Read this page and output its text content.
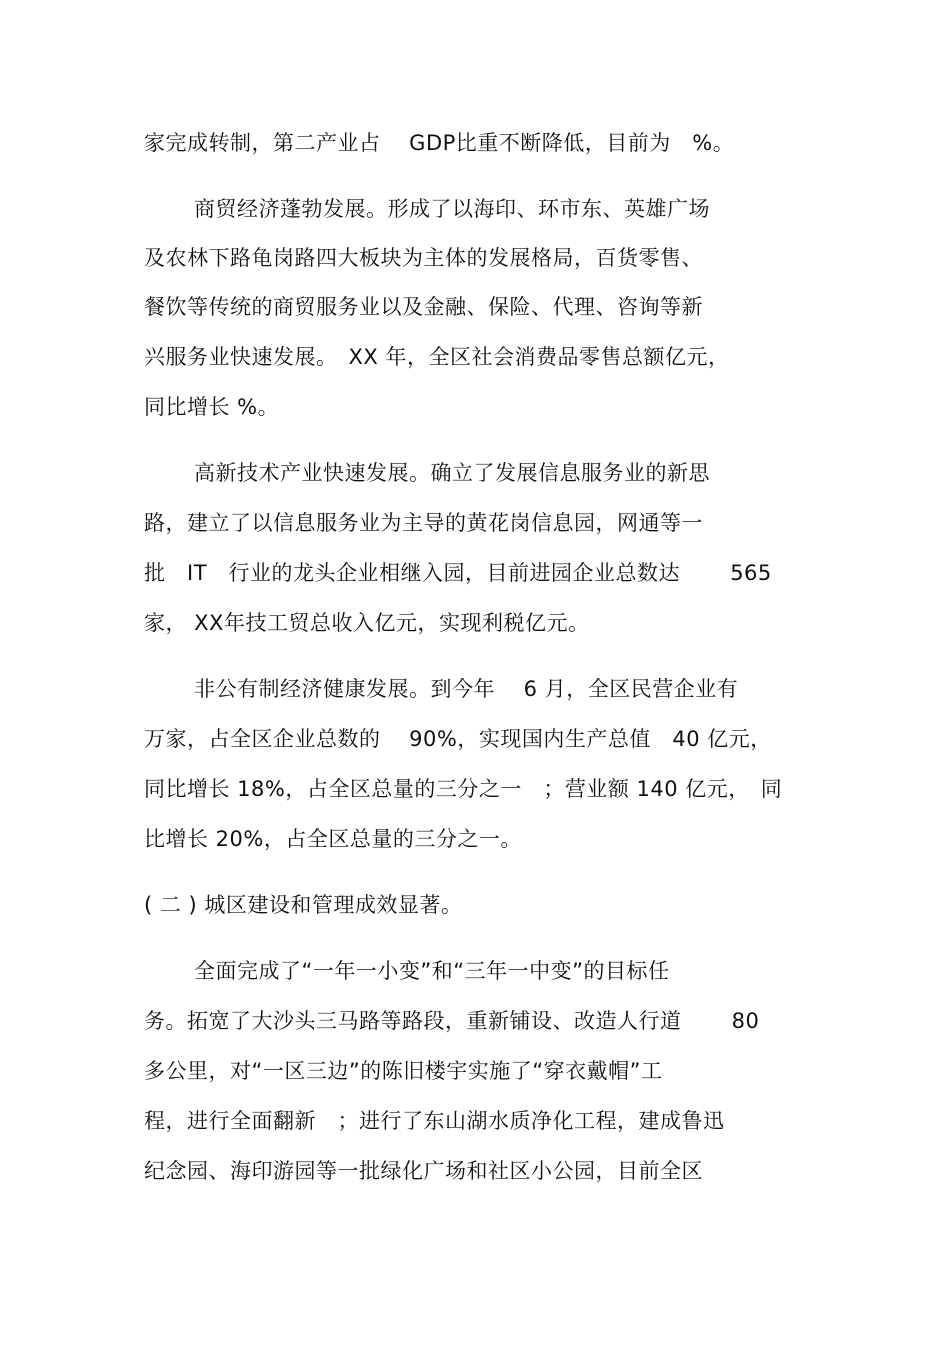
家完成转制，第二产业占　 GDP比重不断降低，目前为　%。
商贸经济蓬勃发展。形成了以海印、环市东、英雄广场
及农林下路龟岗路四大板块为主体的发展格局，百货零售、
餐饮等传统的商贸服务业以及金融、保险、代理、咨询等新
兴服务业快速发展。　XX 年，全区社会消费品零售总额亿元，
同比增长 %。
高新技术产业快速发展。确立了发展信息服务业的新思
路，建立了以信息服务业为主导的黄花岗信息园，网通等一
批　IT　行业的龙头企业相继入园，目前进园企业总数达　　 565
家， XX年技工贸总收入亿元，实现利税亿元。
非公有制经济健康发展。到今年　 6 月，全区民营企业有
万家，占全区企业总数的　 90%，实现国内生产总值　40 亿元，
同比增长 18%，占全区总量的三分之一　；营业额 140 亿元，　同
比增长 20%，占全区总量的三分之一。
( 二 ) 城区建设和管理成效显著。
全面完成了“一年一小变”和“三年一中变”的目标任
务。拓宽了大沙头三马路等路段，重新铺设、改造人行道　　 80
多公里，对“一区三边”的陈旧楼宇实施了“穿衣戴帽”工
程，进行全面翻新　；进行了东山湖水质净化工程，建成鲁迅
纪念园、海印游园等一批绿化广场和社区小公园，目前全区
